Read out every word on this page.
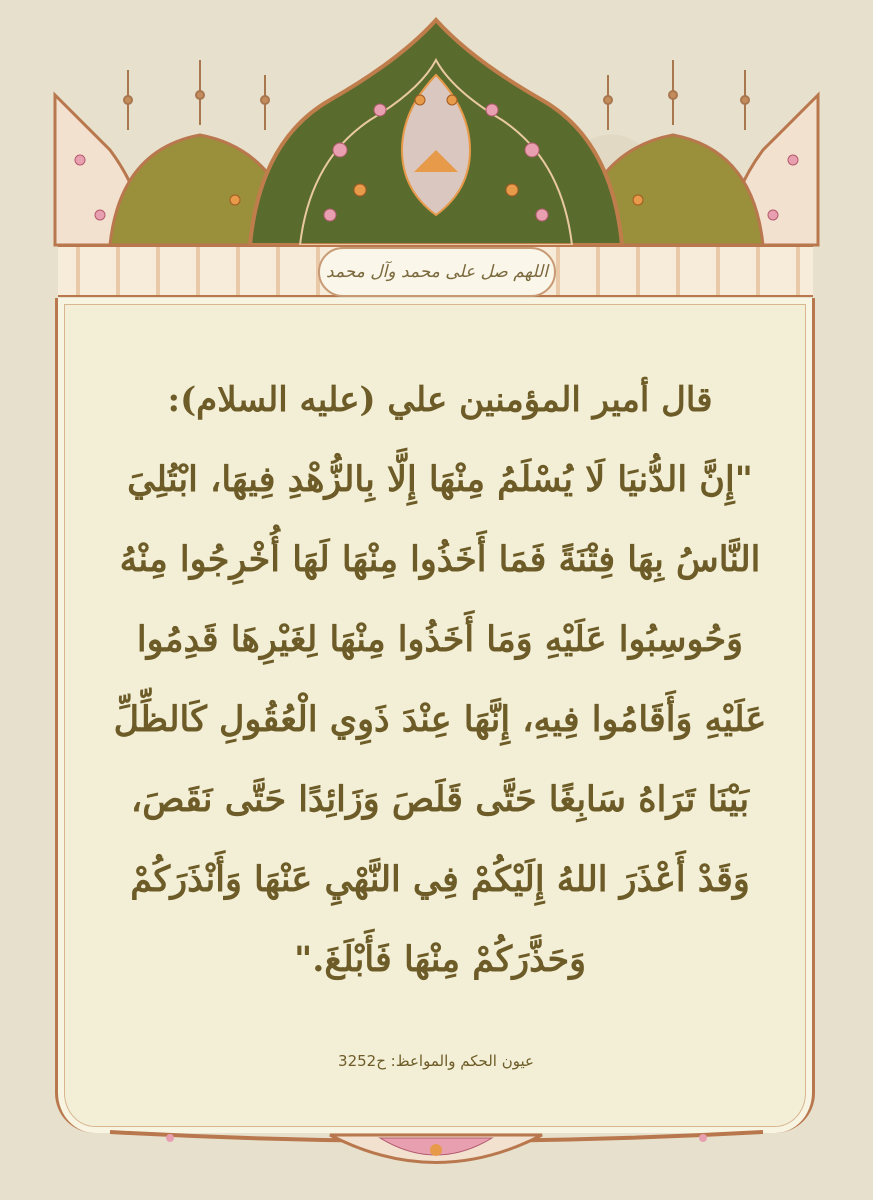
اللهم صل على محمد وآل محمد
قال أمير المؤمنين علي (عليه السلام):
"إِنَّ الدُّنيَا لَا يُسْلَمُ مِنْهَا إِلَّا بِالزُّهْدِ فِيهَا، ابْتُلِيَ
النَّاسُ بِهَا فِتْنَةً فَمَا أَخَذُوا مِنْهَا لَهَا أُخْرِجُوا مِنْهُ
وَحُوسِبُوا عَلَيْهِ وَمَا أَخَذُوا مِنْهَا لِغَيْرِهَا قَدِمُوا
عَلَيْهِ وَأَقَامُوا فِيهِ، إِنَّهَا عِنْدَ ذَوِي الْعُقُولِ كَالظِّلِّ
بَيْنَا تَرَاهُ سَابِغًا حَتَّى قَلَصَ وَزَائِدًا حَتَّى نَقَصَ،
وَقَدْ أَعْذَرَ اللهُ إِلَيْكُمْ فِي النَّهْيِ عَنْهَا وَأَنْذَرَكُمْ
وَحَذَّرَكُمْ مِنْهَا فَأَبْلَغَ."
عيون الحكم والمواعظ: ح3252
